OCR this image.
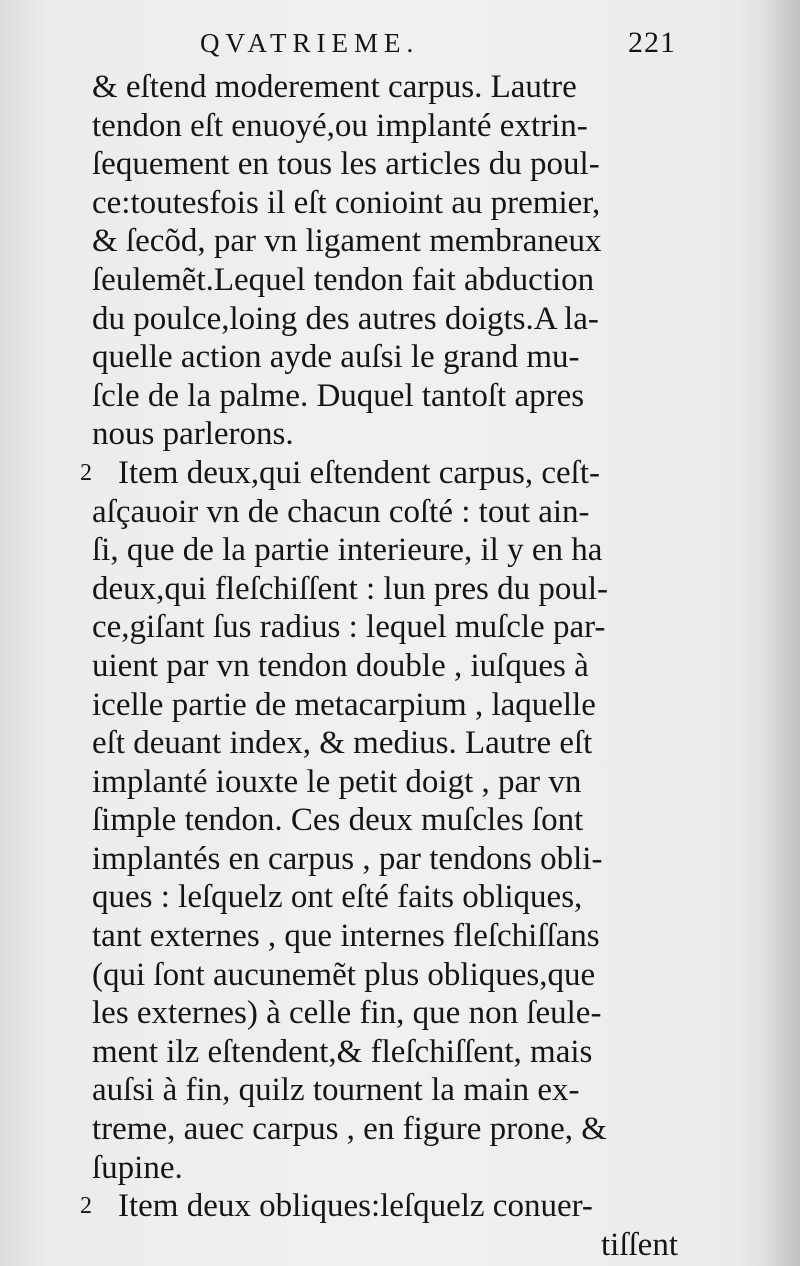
QVATRIEME.	221
& eſtend moderement carpus. Lautre
tendon eſt enuoyé,ou implanté extrin-
ſequement en tous les articles du poul-
ce:toutesfois il eſt conioint au premier,
& ſecõd, par vn ligament membraneux
ſeulemẽt.Lequel tendon fait abduction
du poulce,loing des autres doigts.A la-
quelle action ayde auſsi le grand mu-
ſcle de la palme. Duquel tantoſt apres
nous parlerons.
2 Item deux,qui eſtendent carpus, ceſt-
aſçauoir vn de chacun coſté : tout ain-
ſi, que de la partie interieure, il y en ha
deux,qui fleſchiſſent : lun pres du poul-
ce,giſant ſus radius : lequel muſcle par-
uient par vn tendon double , iuſques à
icelle partie de metacarpium , laquelle
eſt deuant index, & medius. Lautre eſt
implanté iouxte le petit doigt , par vn
ſimple tendon. Ces deux muſcles ſont
implantés en carpus , par tendons obli-
ques : leſquelz ont eſté faits obliques,
tant externes , que internes fleſchiſſans
(qui ſont aucunemẽt plus obliques,que
les externes) à celle fin, que non ſeule-
ment ilz eſtendent,& fleſchiſſent, mais
auſsi à fin, quilz tournent la main ex-
treme, auec carpus , en figure prone, &
ſupine.
2 Item deux obliques:leſquelz conuer-
tiſſent
